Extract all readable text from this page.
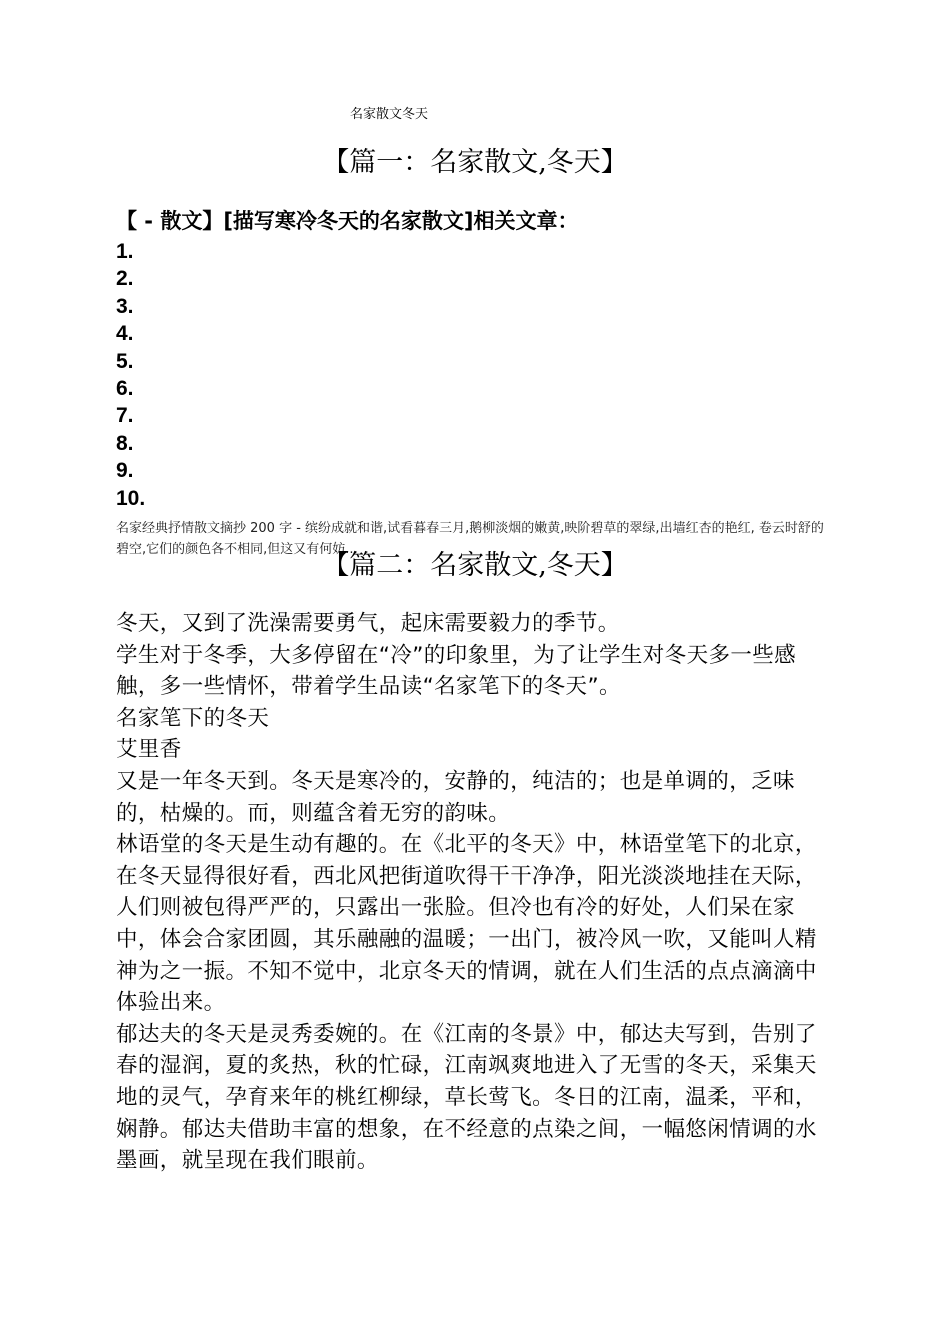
名家散文冬天
【篇一：名家散文,冬天】
【 - 散文】[描写寒冷冬天的名家散文]相关文章：
1.
2.
3.
4.
5.
6.
7.
8.
9.
10.
名家经典抒情散文摘抄 200 字 - 缤纷成就和谐,试看暮春三月,鹅柳淡烟的嫩黄,映阶碧草的翠绿,出墙红杏的艳红, 卷云时舒的碧空,它们的颜色各不相同,但这又有何妨...
【篇二：名家散文,冬天】

冬天，又到了洗澡需要勇气，起床需要毅力的季节。

学生对于冬季，大多停留在“冷”的印象里，为了让学生对冬天多一些感触，多一些情怀，带着学生品读“名家笔下的冬天”。

名家笔下的冬天

艾里香

又是一年冬天到。冬天是寒冷的，安静的，纯洁的；也是单调的，乏味的，枯燥的。而，则蕴含着无穷的韵味。

林语堂的冬天是生动有趣的。在《北平的冬天》中，林语堂笔下的北京，在冬天显得很好看，西北风把街道吹得干干净净，阳光淡淡地挂在天际，人们则被包得严严的，只露出一张脸。但冷也有冷的好处，人们呆在家中，体会合家团圆，其乐融融的温暖；一出门，被冷风一吹，又能叫人精神为之一振。不知不觉中，北京冬天的情调，就在人们生活的点点滴滴中体验出来。

郁达夫的冬天是灵秀委婉的。在《江南的冬景》中，郁达夫写到，告别了春的湿润，夏的炙热，秋的忙碌，江南飒爽地进入了无雪的冬天，采集天地的灵气，孕育来年的桃红柳绿，草长莺飞。冬日的江南，温柔，平和，娴静。郁达夫借助丰富的想象，在不经意的点染之间，一幅悠闲情调的水墨画，就呈现在我们眼前。
